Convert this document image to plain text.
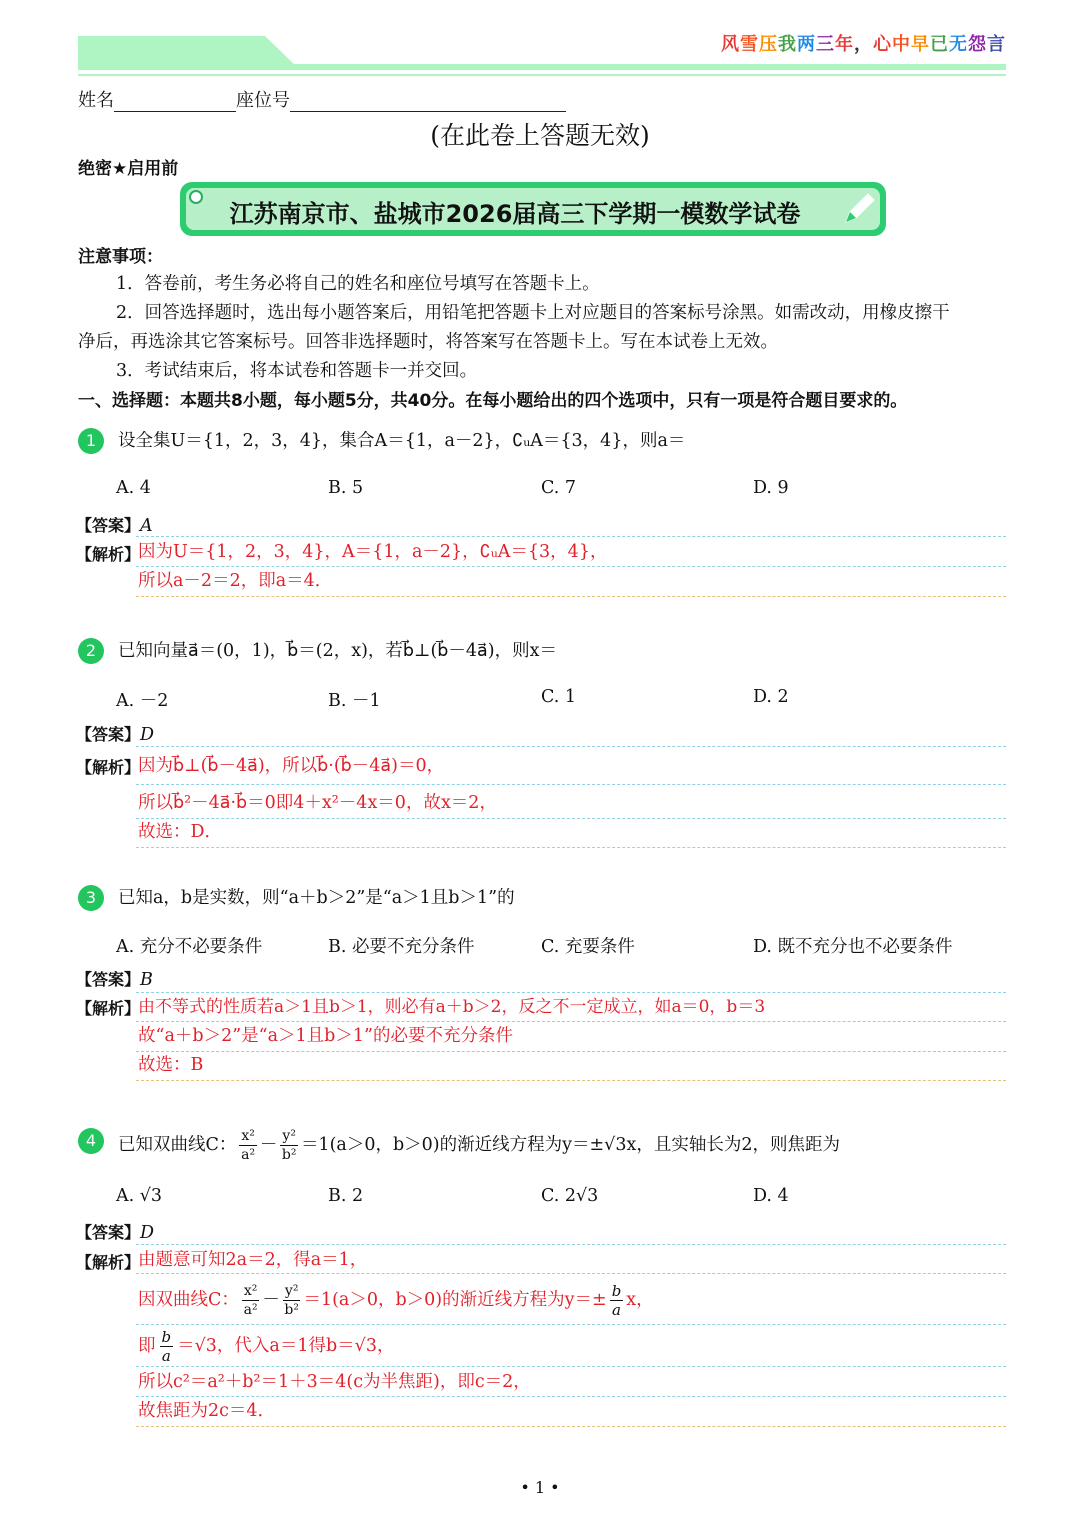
风雪压我两三年，心中早已无怨言
姓名	座位号
(在此卷上答题无效)
绝密★启用前
江苏南京市、盐城市2026届高三下学期一模数学试卷
注意事项：
1．答卷前，考生务必将自己的姓名和座位号填写在答题卡上。
2．回答选择题时，选出每小题答案后，用铅笔把答题卡上对应题目的答案标号涂黑。如需改动，用橡皮擦干
净后，再选涂其它答案标号。回答非选择题时，将答案写在答题卡上。写在本试卷上无效。
3．考试结束后，将本试卷和答题卡一并交回。
一、选择题：本题共8小题，每小题5分，共40分。在每小题给出的四个选项中，只有一项是符合题目要求的。
1	设全集U＝{1，2，3，4}，集合A＝{1，a－2}，∁ᵤA＝{3，4}，则a＝
A. 4	B. 5	C. 7	D. 9
【答案】A
【解析】
因为U＝{1，2，3，4}，A＝{1，a－2}，∁ᵤA＝{3，4}，
所以a－2＝2，即a＝4．
2	已知向量a⃗＝(0，1)，b⃗＝(2，x)，若b⃗⊥(b⃗－4a⃗)，则x＝
A. －2	B. －1	C. 1	D. 2
【答案】D
【解析】
因为b⃗⊥(b⃗－4a⃗)，所以b⃗·(b⃗－4a⃗)＝0，
所以b⃗²－4a⃗·b⃗＝0即4＋x²－4x＝0，故x＝2，
故选：D．
3	已知a，b是实数，则“a＋b＞2”是“a＞1且b＞1”的
A. 充分不必要条件	B. 必要不充分条件	C. 充要条件	D. 既不充分也不必要条件
【答案】B
【解析】
由不等式的性质若a＞1且b＞1，则必有a＋b＞2，反之不一定成立，如a＝0，b＝3
故“a＋b＞2”是“a＞1且b＞1”的必要不充分条件
故选：B
4	已知双曲线C： $\frac{\text{x²}}{\text{a²}} - \frac{\text{y²}}{\text{b²}} =1(a>0$，b＞0)的渐近线方程为y＝±√3x，且实轴长为2，则焦距为
A. √3	B. 2	C. 2√3	D. 4
【答案】D
【解析】
由题意可知2a＝2，得a＝1，
因双曲线C： $\frac{\text{x²}}{\text{a²}} - \frac{\text{y²}}{\text{b²}} =1(a>0$，b＞0)的渐近线方程为$y=\pm \frac{b}{a}$ x，
即 $\frac{b}{a} =√3$，代入a＝1得b＝√3，
所以c²＝a²＋b²＝1＋3＝4(c为半焦距)，即c＝2，
故焦距为2c＝4．
• 1 •
